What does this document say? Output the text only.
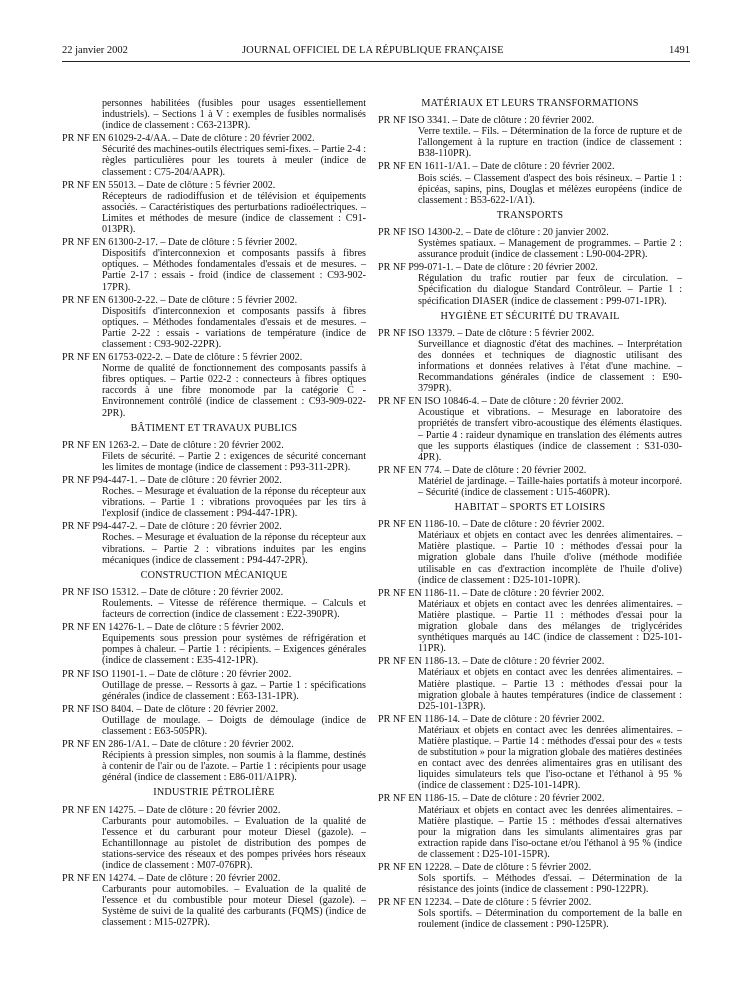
22 janvier 2002	JOURNAL OFFICIEL DE LA RÉPUBLIQUE FRANÇAISE	1491
personnes habilitées (fusibles pour usages essentiellement industriels). – Sections 1 à V : exemples de fusibles normalisés (indice de classement : C63-213PR).
PR NF EN 61029-2-4/AA. – Date de clôture : 20 février 2002.
Sécurité des machines-outils électriques semi-fixes. – Partie 2-4 : règles particulières pour les tourets à meuler (indice de classement : C75-204/AAPR).
PR NF EN 55013. – Date de clôture : 5 février 2002.
Récepteurs de radiodiffusion et de télévision et équipements associés. – Caractéristiques des perturbations radioélectriques. – Limites et méthodes de mesure (indice de classement : C91-013PR).
PR NF EN 61300-2-17. – Date de clôture : 5 février 2002.
Dispositifs d'interconnexion et composants passifs à fibres optiques. – Méthodes fondamentales d'essais et de mesures. – Partie 2-17 : essais - froid (indice de classement : C93-902-17PR).
PR NF EN 61300-2-22. – Date de clôture : 5 février 2002.
Dispositifs d'interconnexion et composants passifs à fibres optiques. – Méthodes fondamentales d'essais et de mesures. – Partie 2-22 : essais - variations de température (indice de classement : C93-902-22PR).
PR NF EN 61753-022-2. – Date de clôture : 5 février 2002.
Norme de qualité de fonctionnement des composants passifs à fibres optiques. – Partie 022-2 : connecteurs à fibres optiques raccords à une fibre monomode par la catégorie C - Environnement contrôlé (indice de classement : C93-909-022-2PR).
BÂTIMENT ET TRAVAUX PUBLICS
PR NF EN 1263-2. – Date de clôture : 20 février 2002.
Filets de sécurité. – Partie 2 : exigences de sécurité concernant les limites de montage (indice de classement : P93-311-2PR).
PR NF P94-447-1. – Date de clôture : 20 février 2002.
Roches. – Mesurage et évaluation de la réponse du récepteur aux vibrations. – Partie 1 : vibrations provoquées par les tirs à l'explosif (indice de classement : P94-447-1PR).
PR NF P94-447-2. – Date de clôture : 20 février 2002.
Roches. – Mesurage et évaluation de la réponse du récepteur aux vibrations. – Partie 2 : vibrations induites par les engins mécaniques (indice de classement : P94-447-2PR).
CONSTRUCTION MÉCANIQUE
PR NF ISO 15312. – Date de clôture : 20 février 2002.
Roulements. – Vitesse de référence thermique. – Calculs et facteurs de correction (indice de classement : E22-390PR).
PR NF EN 14276-1. – Date de clôture : 5 février 2002.
Equipements sous pression pour systèmes de réfrigération et pompes à chaleur. – Partie 1 : récipients. – Exigences générales (indice de classement : E35-412-1PR).
PR NF ISO 11901-1. – Date de clôture : 20 février 2002.
Outillage de presse. – Ressorts à gaz. – Partie 1 : spécifications générales (indice de classement : E63-131-1PR).
PR NF ISO 8404. – Date de clôture : 20 février 2002.
Outillage de moulage. – Doigts de démoulage (indice de classement : E63-505PR).
PR NF EN 286-1/A1. – Date de clôture : 20 février 2002.
Récipients à pression simples, non soumis à la flamme, destinés à contenir de l'air ou de l'azote. – Partie 1 : récipients pour usage général (indice de classement : E86-011/A1PR).
INDUSTRIE PÉTROLIÈRE
PR NF EN 14275. – Date de clôture : 20 février 2002.
Carburants pour automobiles. – Evaluation de la qualité de l'essence et du carburant pour moteur Diesel (gazole). – Echantillonnage au pistolet de distribution des pompes de stations-service des réseaux et des pompes privées hors réseaux (indice de classement : M07-076PR).
PR NF EN 14274. – Date de clôture : 20 février 2002.
Carburants pour automobiles. – Evaluation de la qualité de l'essence et du combustible pour moteur Diesel (gazole). – Système de suivi de la qualité des carburants (FQMS) (indice de classement : M15-027PR).
MATÉRIAUX ET LEURS TRANSFORMATIONS
PR NF ISO 3341. – Date de clôture : 20 février 2002.
Verre textile. – Fils. – Détermination de la force de rupture et de l'allongement à la rupture en traction (indice de classement : B38-110PR).
PR NF EN 1611-1/A1. – Date de clôture : 20 février 2002.
Bois sciés. – Classement d'aspect des bois résineux. – Partie 1 : épicéas, sapins, pins, Douglas et mélèzes européens (indice de classement : B53-622-1/A1).
TRANSPORTS
PR NF ISO 14300-2. – Date de clôture : 20 janvier 2002.
Systèmes spatiaux. – Management de programmes. – Partie 2 : assurance produit (indice de classement : L90-004-2PR).
PR NF P99-071-1. – Date de clôture : 20 février 2002.
Régulation du trafic routier par feux de circulation. – Spécification du dialogue Standard Contrôleur. – Partie 1 : spécification DIASER (indice de classement : P99-071-1PR).
HYGIÈNE ET SÉCURITÉ DU TRAVAIL
PR NF ISO 13379. – Date de clôture : 5 février 2002.
Surveillance et diagnostic d'état des machines. – Interprétation des données et techniques de diagnostic utilisant des informations et données relatives à l'état d'une machine. – Recommandations générales (indice de classement : E90-379PR).
PR NF EN ISO 10846-4. – Date de clôture : 20 février 2002.
Acoustique et vibrations. – Mesurage en laboratoire des propriétés de transfert vibro-acoustique des éléments élastiques. – Partie 4 : raideur dynamique en translation des éléments autres que les supports élastiques (indice de classement : S31-030-4PR).
PR NF EN 774. – Date de clôture : 20 février 2002.
Matériel de jardinage. – Taille-haies portatifs à moteur incorporé. – Sécurité (indice de classement : U15-460PR).
HABITAT – SPORTS ET LOISIRS
PR NF EN 1186-10. – Date de clôture : 20 février 2002.
Matériaux et objets en contact avec les denrées alimentaires. – Matière plastique. – Partie 10 : méthodes d'essai pour la migration globale dans l'huile d'olive (méthode modifiée utilisable en cas d'extraction incomplète de l'huile d'olive) (indice de classement : D25-101-10PR).
PR NF EN 1186-11. – Date de clôture : 20 février 2002.
Matériaux et objets en contact avec les denrées alimentaires. – Matière plastique. – Partie 11 : méthodes d'essai pour la migration globale dans des mélanges de triglycérides synthétiques marqués au 14C (indice de classement : D25-101-11PR).
PR NF EN 1186-13. – Date de clôture : 20 février 2002.
Matériaux et objets en contact avec les denrées alimentaires. – Matière plastique. – Partie 13 : méthodes d'essai pour la migration globale à hautes températures (indice de classement : D25-101-13PR).
PR NF EN 1186-14. – Date de clôture : 20 février 2002.
Matériaux et objets en contact avec les denrées alimentaires. – Matière plastique. – Partie 14 : méthodes d'essai pour des « tests de substitution » pour la migration globale des matières destinées en contact avec des denrées alimentaires gras en utilisant des liquides simulateurs tels que l'iso-octane et l'éthanol à 95 % (indice de classement : D25-101-14PR).
PR NF EN 1186-15. – Date de clôture : 20 février 2002.
Matériaux et objets en contact avec les denrées alimentaires. – Matière plastique. – Partie 15 : méthodes d'essai alternatives pour la migration dans les simulants alimentaires gras par extraction rapide dans l'iso-octane et/ou l'éthanol à 95 % (indice de classement : D25-101-15PR).
PR NF EN 12228. – Date de clôture : 5 février 2002.
Sols sportifs. – Méthodes d'essai. – Détermination de la résistance des joints (indice de classement : P90-122PR).
PR NF EN 12234. – Date de clôture : 5 février 2002.
Sols sportifs. – Détermination du comportement de la balle en roulement (indice de classement : P90-125PR).
